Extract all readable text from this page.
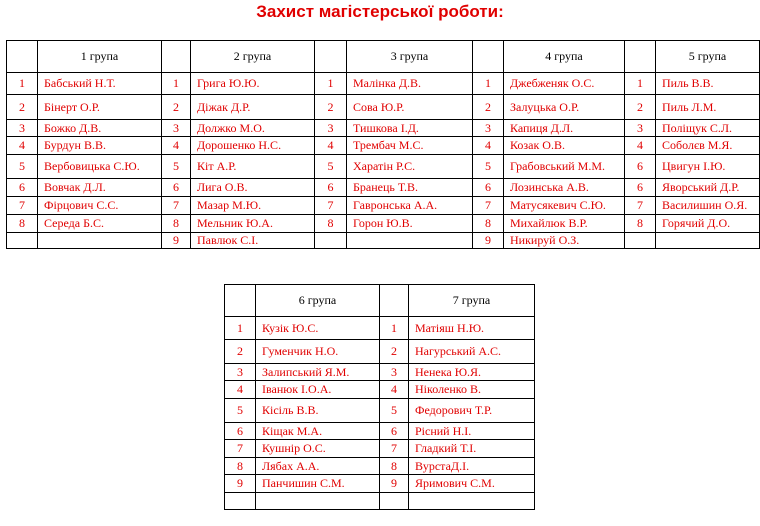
Захист магістерської роботи:
	1 група		2 група		3 група		4 група		5 група
1	Бабський Н.Т.	1	Грига Ю.Ю.	1	Малінка Д.В.	1	Джебженяк О.С.	1	Пиль В.В.
2	Бінерт О.Р.	2	Діжак Д.Р.	2	Сова Ю.Р.	2	Залуцька О.Р.	2	Пиль Л.М.
3	Божко Д.В.	3	Должко М.О.	3	Тишкова І.Д.	3	Капиця Д.Л.	3	Поліщук С.Л.
4	Бурдун В.В.	4	Дорошенко Н.С.	4	Трембач М.С.	4	Козак О.В.	4	Соболєв М.Я.
5	Вербовицька С.Ю.	5	Кіт А.Р.	5	Харатін Р.С.	5	Грабовський М.М.	6	Цвигун І.Ю.
6	Вовчак Д.Л.	6	Лига О.В.	6	Бранець Т.В.	6	Лозинська А.В.	6	Яворський Д.Р.
7	Фірцович С.С.	7	Мазар М.Ю.	7	Гавронська А.А.	7	Матусякевич С.Ю.	7	Василишин О.Я.
8	Середа Б.С.	8	Мельник Ю.А.	8	Горон Ю.В.	8	Михайлюк В.Р.	8	Горячий Д.О.
		9	Павлюк С.І.			9	Никируй О.З.		
	6 група		7 група
1	Кузік Ю.С.	1	Матіяш Н.Ю.
2	Гуменчик Н.О.	2	Нагурський А.С.
3	Залипський Я.М.	3	Ненека Ю.Я.
4	Іванюк І.О.А.	4	Ніколенко В.
5	Кісіль В.В.	5	Федорович Т.Р.
6	Кіщак М.А.	6	Рісний Н.І.
7	Кушнір О.С.	7	Гладкий Т.І.
8	Лябах А.А.	8	ВурстаД.І.
9	Панчишин С.М.	9	Яримович С.М.
